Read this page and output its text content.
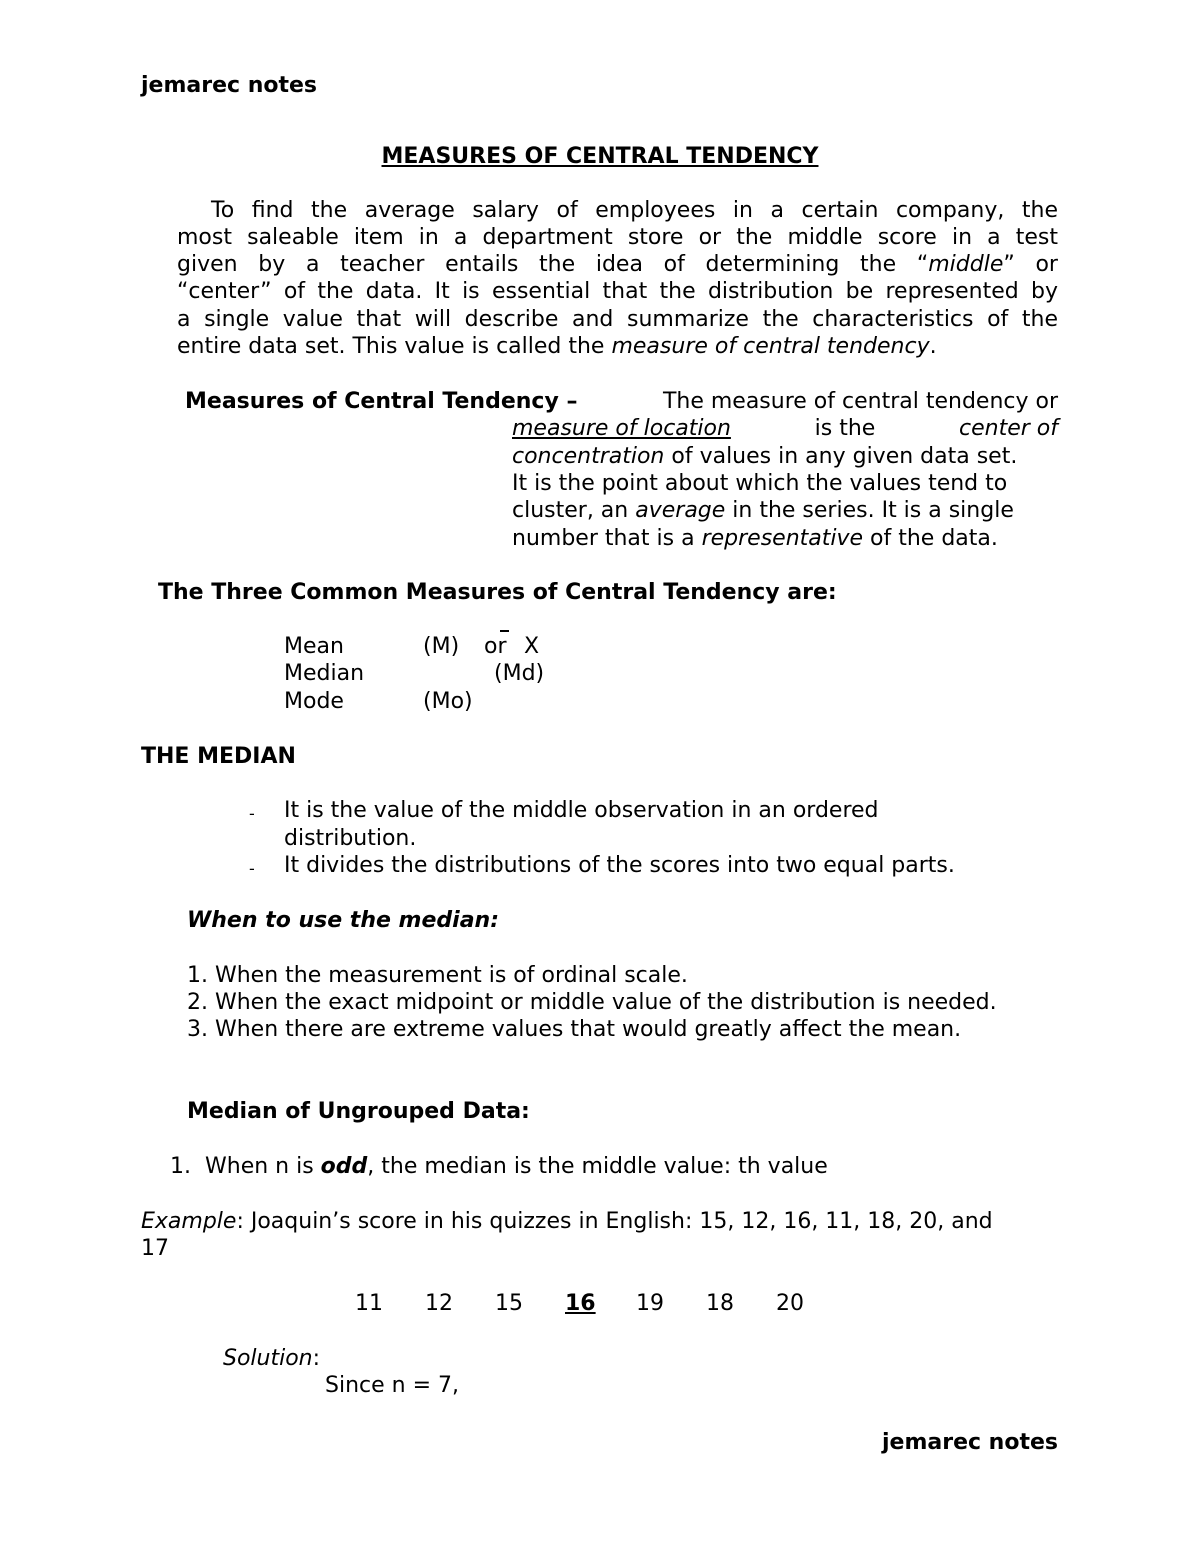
jemarec notes
MEASURES OF CENTRAL TENDENCY
To find the average salary of employees in a certain company, the
most saleable item in a department store or the middle score in a test
given by a teacher entails the idea of determining the “middle” or
“center” of the data. It is essential that the distribution be represented by
a single value that will describe and summarize the characteristics of the
entire data set. This value is called the measure of central tendency.
Measures of Central Tendency –	The measure of central tendency or
measure of location	is the	center of
concentration of values in any given data set.
It is the point about which the values tend to
cluster, an average in the series. It is a single
number that is a representative of the data.
The Three Common Measures of Central Tendency are:
Mean	(M) or X
Median	(Md)
Mode	(Mo)
THE MEDIAN
- It is the value of the middle observation in an ordered
distribution.
- It divides the distributions of the scores into two equal parts.
When to use the median:
1. When the measurement is of ordinal scale.
2. When the exact midpoint or middle value of the distribution is needed.
3. When there are extreme values that would greatly affect the mean.
Median of Ungrouped Data:
1. When n is odd, the median is the middle value: th value
Example: Joaquin’s score in his quizzes in English: 15, 12, 16, 11, 18, 20, and
17
11 12 15 16 19 18 20
Solution:
Since n = 7,
jemarec notes
